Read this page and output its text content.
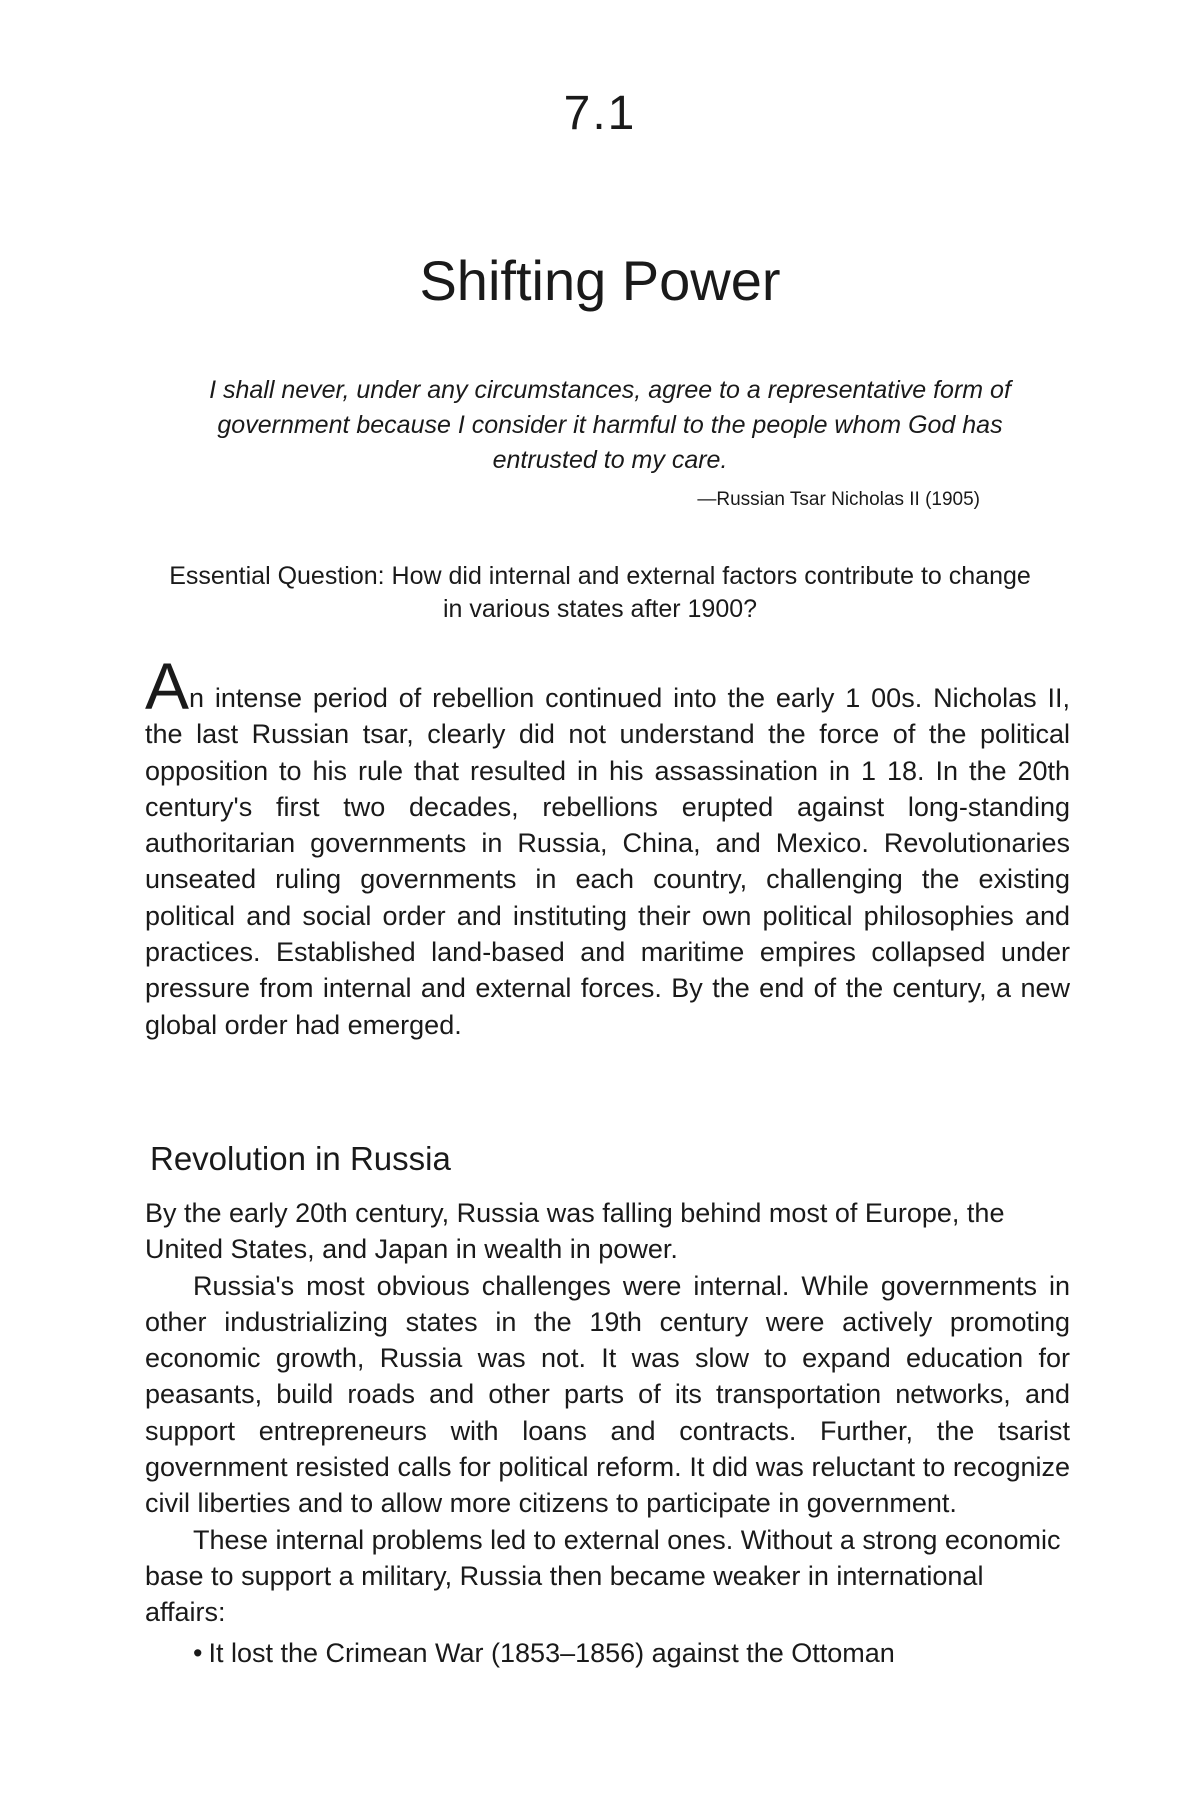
7.1
Shifting Power
I shall never, under any circumstances, agree to a representative form of government because I consider it harmful to the people whom God has entrusted to my care.
—Russian Tsar Nicholas II (1905)
Essential Question: How did internal and external factors contribute to change in various states after 1900?
An intense period of rebellion continued into the early 1 00s. Nicholas II, the last Russian tsar, clearly did not understand the force of the political opposition to his rule that resulted in his assassination in 1 18. In the 20th century's first two decades, rebellions erupted against long-standing authoritarian governments in Russia, China, and Mexico. Revolutionaries unseated ruling governments in each country, challenging the existing political and social order and instituting their own political philosophies and practices. Established land-based and maritime empires collapsed under pressure from internal and external forces. By the end of the century, a new global order had emerged.
Revolution in Russia

By the early 20th century, Russia was falling behind most of Europe, the United States, and Japan in wealth in power.

Russia's most obvious challenges were internal. While governments in other industrializing states in the 19th century were actively promoting economic growth, Russia was not. It was slow to expand education for peasants, build roads and other parts of its transportation networks, and support entrepreneurs with loans and contracts. Further, the tsarist government resisted calls for political reform. It did was reluctant to recognize civil liberties and to allow more citizens to participate in government.

These internal problems led to external ones. Without a strong economic base to support a military, Russia then became weaker in international affairs:

• It lost the Crimean War (1853–1856) against the Ottoman
